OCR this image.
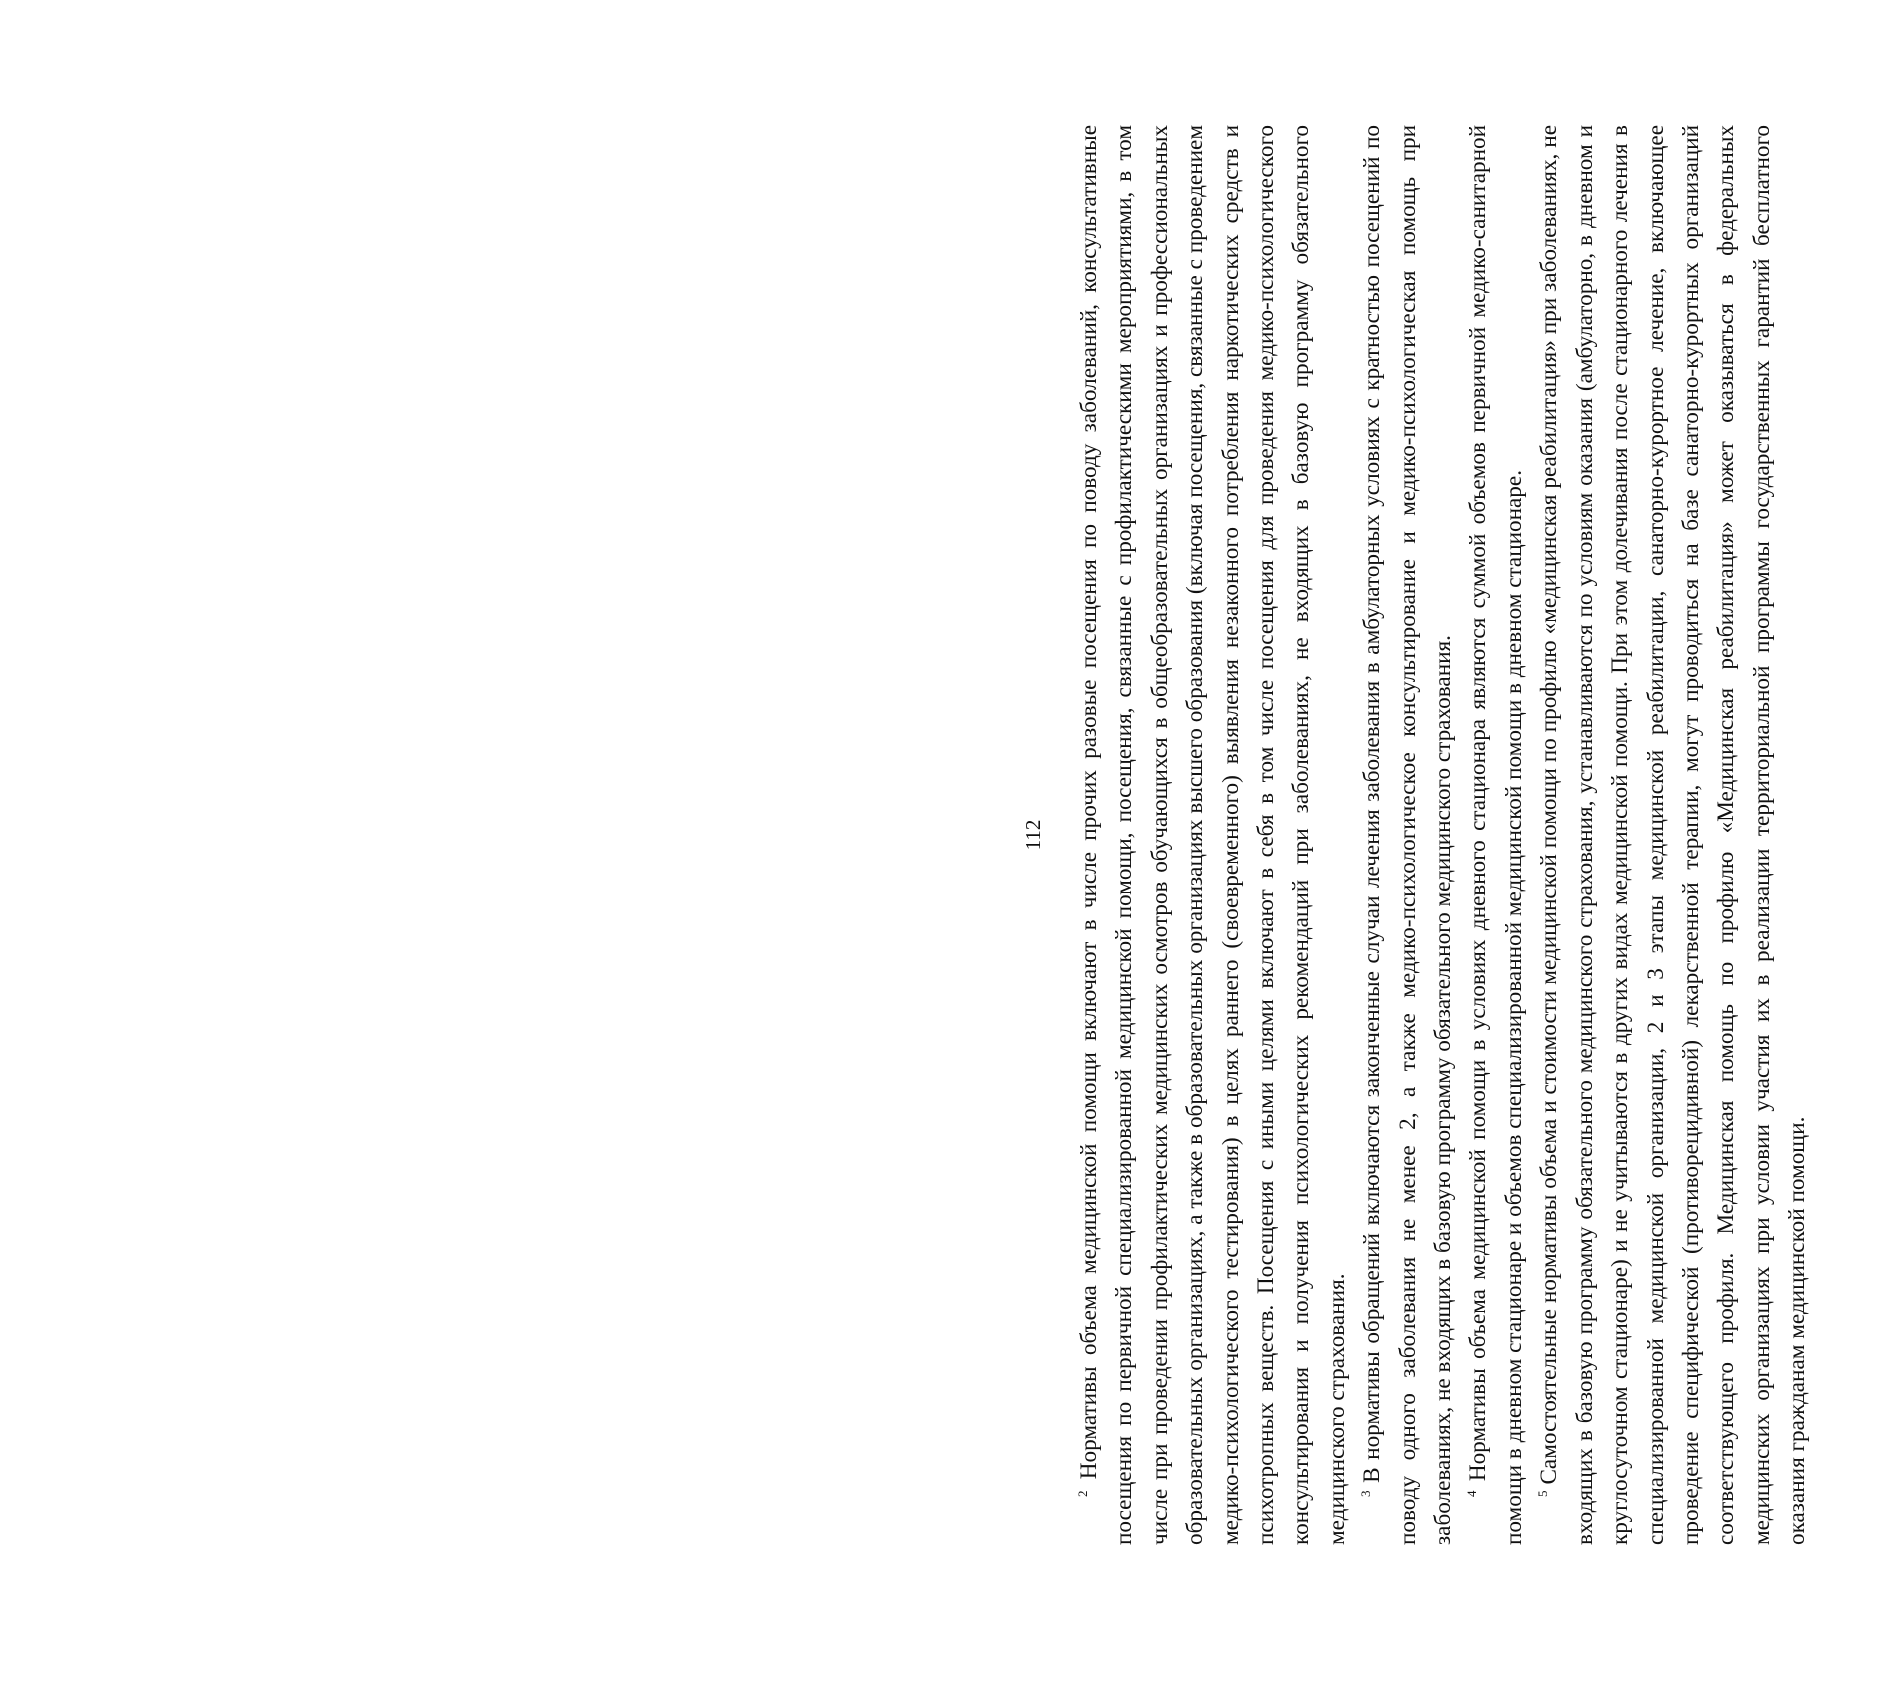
112

$^2$ Нормативы объема медицинской помощи включают в числе прочих разовые посещения по поводу заболеваний, консультативные посещения по первичной специализированной медицинской помощи, посещения, связанные с профилактическими мероприятиями, в том числе при проведении профилактических медицинских осмотров обучающихся в общеобразовательных организациях и профессиональных образовательных организациях, а также в образовательных организациях высшего образования (включая посещения, связанные с проведением медико-психологического тестирования) в целях раннего (своевременного) выявления незаконного потребления наркотических средств и психотропных веществ. Посещения с иными целями включают в себя в том числе посещения для проведения медико-психологического консультирования и получения психологических рекомендаций при заболеваниях, не входящих в базовую программу обязательного медицинского страхования. $^3$ В нормативы обращений включаются законченные случаи лечения заболевания в амбулаторных условиях с кратностью посещений по поводу одного заболевания не менее 2, а также медико-психологическое консультирование и медико-психологическая помощь при заболеваниях, не входящих в базовую программу обязательного медицинского страхования. $^4$ Нормативы объема медицинской помощи в условиях дневного стационара являются суммой объемов первичной медико-санитарной помощи в дневном стационаре и объемов специализированной медицинской помощи в дневном стационаре. $^5$ Самостоятельные нормативы объема и стоимости медицинской помощи по профилю «медицинская реабилитация» при заболеваниях, не входящих в базовую программу обязательного медицинского страхования, устанавливаются по условиям оказания (амбулаторно, в дневном и круглосуточном стационаре) и не учитываются в других видах медицинской помощи. При этом долечивания после стационарного лечения в специализированной медицинской организации, 2 и 3 этапы медицинской реабилитации, санаторно-курортное лечение, включающее проведение специфической (противорецидивной) лекарственной терапии, могут проводиться на базе санаторно-курортных организаций соответствующего профиля. Медицинская помощь по профилю «Медицинская реабилитация» может оказываться в федеральных медицинских организациях при условии участия их в реализации территориальной программы государственных гарантий бесплатного оказания гражданам медицинской помощи.
